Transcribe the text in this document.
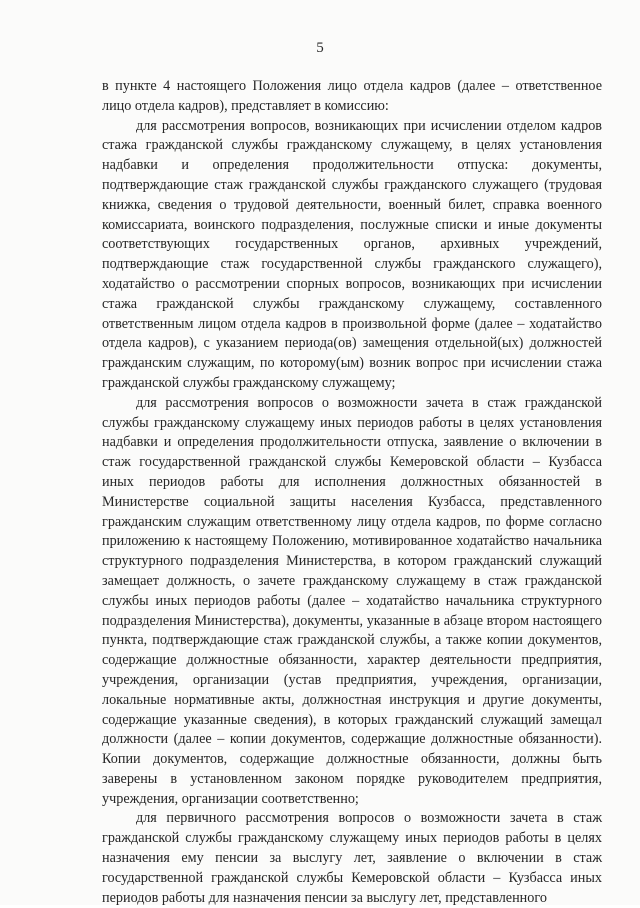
5

в пункте 4 настоящего Положения лицо отдела кадров (далее – ответственное лицо отдела кадров), представляет в комиссию:

для рассмотрения вопросов, возникающих при исчислении отделом кадров стажа гражданской службы гражданскому служащему, в целях установления надбавки и определения продолжительности отпуска: документы, подтверждающие стаж гражданской службы гражданского служащего (трудовая книжка, сведения о трудовой деятельности, военный билет, справка военного комиссариата, воинского подразделения, послужные списки и иные документы соответствующих государственных органов, архивных учреждений, подтверждающие стаж государственной службы гражданского служащего), ходатайство о рассмотрении спорных вопросов, возникающих при исчислении стажа гражданской службы гражданскому служащему, составленного ответственным лицом отдела кадров в произвольной форме (далее – ходатайство отдела кадров), с указанием периода(ов) замещения отдельной(ых) должностей гражданским служащим, по которому(ым) возник вопрос при исчислении стажа гражданской службы гражданскому служащему;

для рассмотрения вопросов о возможности зачета в стаж гражданской службы гражданскому служащему иных периодов работы в целях установления надбавки и определения продолжительности отпуска, заявление о включении в стаж государственной гражданской службы Кемеровской области – Кузбасса иных периодов работы для исполнения должностных обязанностей в Министерстве социальной защиты населения Кузбасса, представленного гражданским служащим ответственному лицу отдела кадров, по форме согласно приложению к настоящему Положению, мотивированное ходатайство начальника структурного подразделения Министерства, в котором гражданский служащий замещает должность, о зачете гражданскому служащему в стаж гражданской службы иных периодов работы (далее – ходатайство начальника структурного подразделения Министерства), документы, указанные в абзаце втором настоящего пункта, подтверждающие стаж гражданской службы, а также копии документов, содержащие должностные обязанности, характер деятельности предприятия, учреждения, организации (устав предприятия, учреждения, организации, локальные нормативные акты, должностная инструкция и другие документы, содержащие указанные сведения), в которых гражданский служащий замещал должности (далее – копии документов, содержащие должностные обязанности). Копии документов, содержащие должностные обязанности, должны быть заверены в установленном законом порядке руководителем предприятия, учреждения, организации соответственно;

для первичного рассмотрения вопросов о возможности зачета в стаж гражданской службы гражданскому служащему иных периодов работы в целях назначения ему пенсии за выслугу лет, заявление о включении в стаж государственной гражданской службы Кемеровской области – Кузбасса иных периодов работы для назначения пенсии за выслугу лет, представленного
